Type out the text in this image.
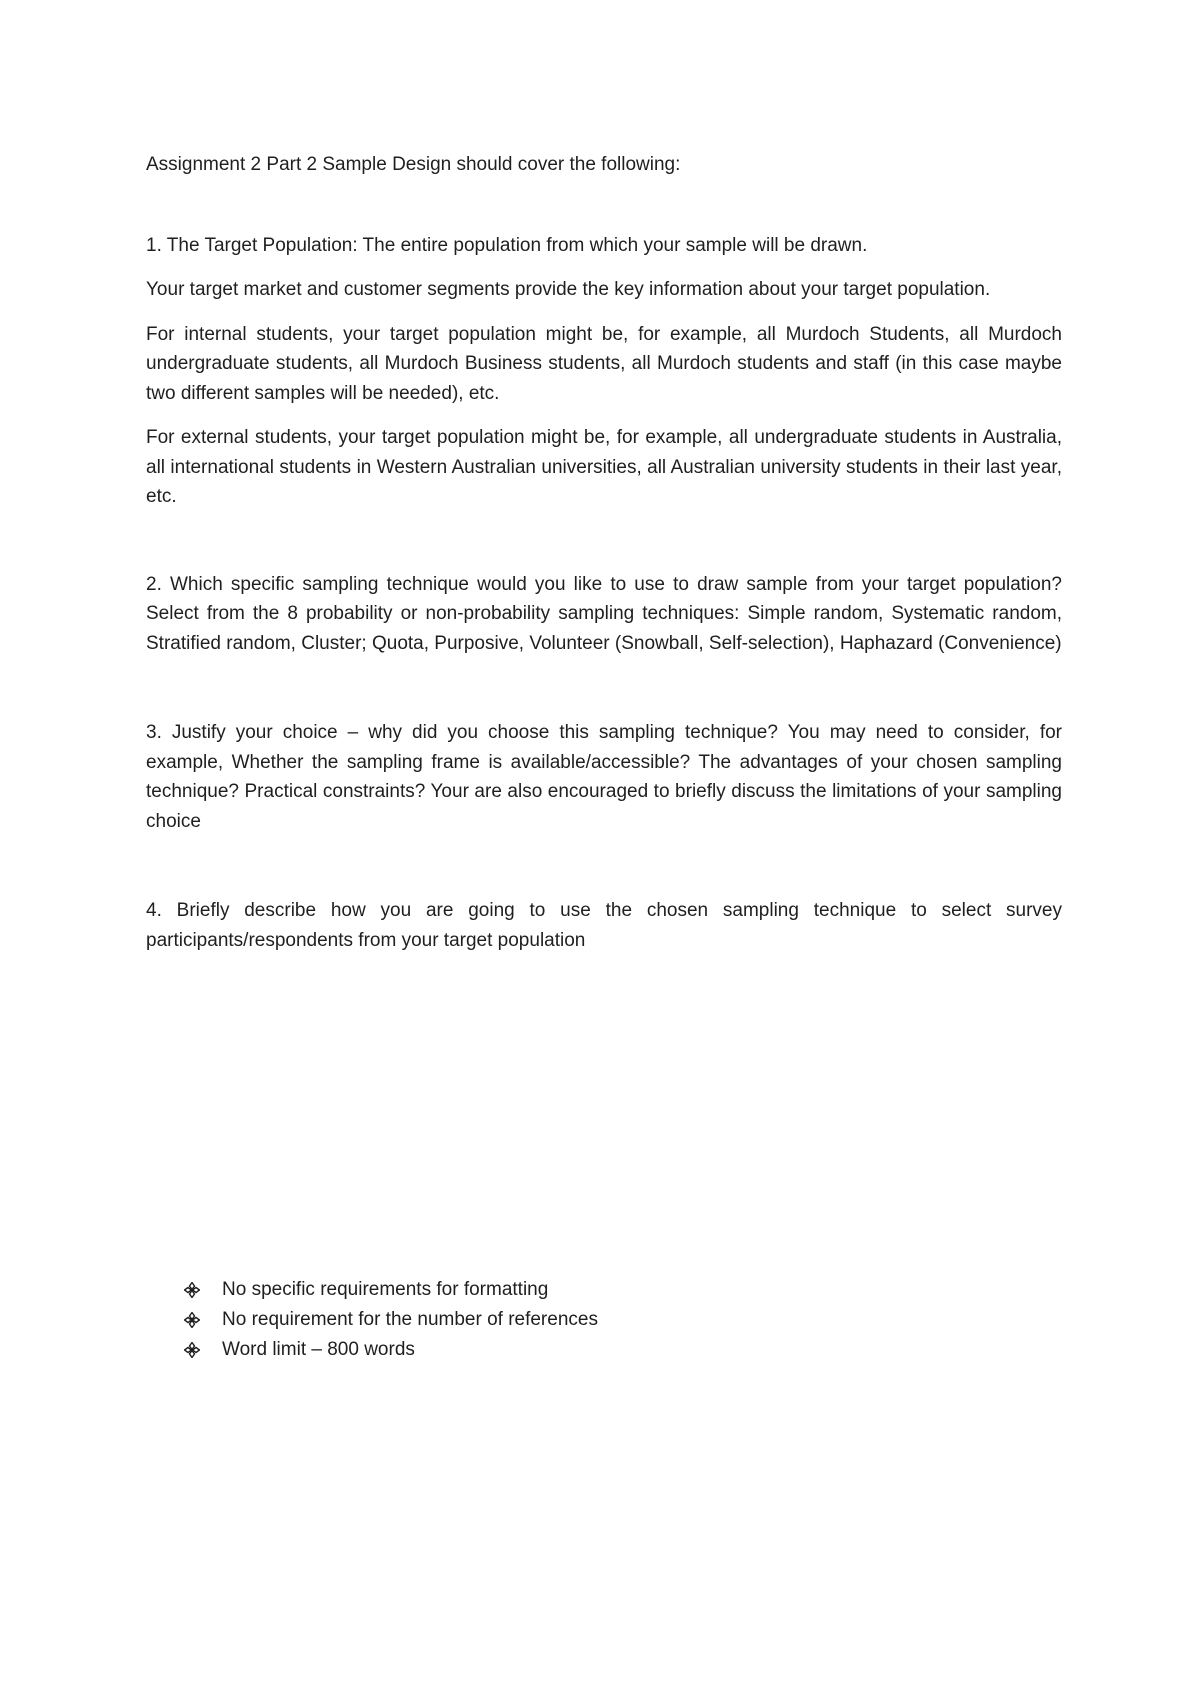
Assignment 2 Part 2 Sample Design should cover the following:

1. The Target Population: The entire population from which your sample will be drawn.

Your target market and customer segments provide the key information about your target population.

For internal students, your target population might be, for example, all Murdoch Students, all Murdoch undergraduate students, all Murdoch Business students, all Murdoch students and staff (in this case maybe two different samples will be needed), etc.

For external students, your target population might be, for example, all undergraduate students in Australia, all international students in Western Australian universities, all Australian university students in their last year, etc.

2. Which specific sampling technique would you like to use to draw sample from your target population? Select from the 8 probability or non-probability sampling techniques: Simple random, Systematic random, Stratified random, Cluster; Quota, Purposive, Volunteer (Snowball, Self-selection), Haphazard (Convenience)

3. Justify your choice – why did you choose this sampling technique? You may need to consider, for example, Whether the sampling frame is available/accessible? The advantages of your chosen sampling technique? Practical constraints? Your are also encouraged to briefly discuss the limitations of your sampling choice

4. Briefly describe how you are going to use the chosen sampling technique to select survey participants/respondents from your target population

No specific requirements for formatting
No requirement for the number of references
Word limit – 800 words
